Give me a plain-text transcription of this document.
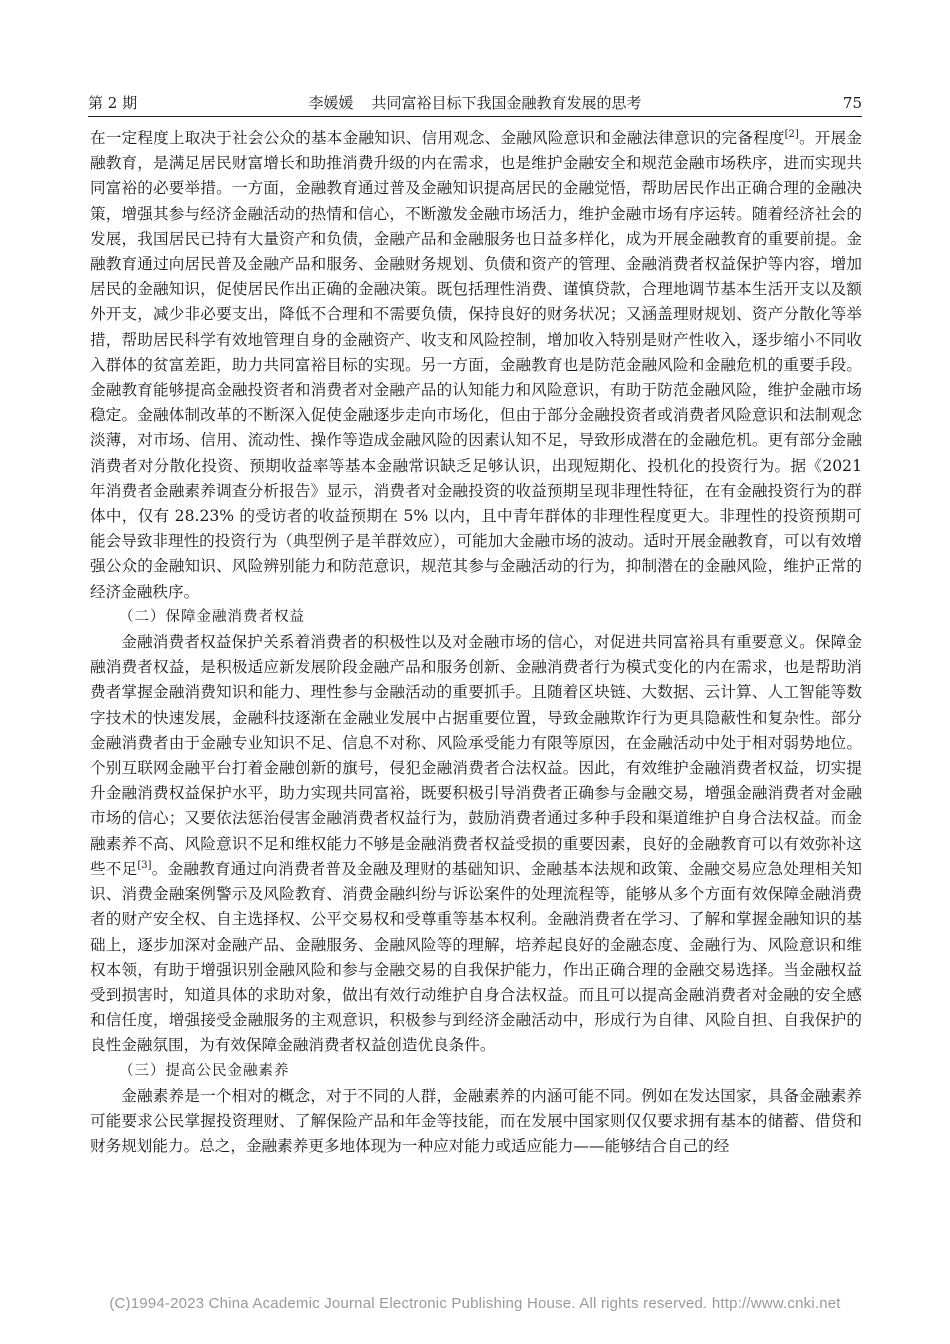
第 2 期	李媛媛 共同富裕目标下我国金融教育发展的思考	75

在一定程度上取决于社会公众的基本金融知识、信用观念、金融风险意识和金融法律意识的完备程度[2]。开展金融教育，是满足居民财富增长和助推消费升级的内在需求，也是维护金融安全和规范金融市场秩序，进而实现共同富裕的必要举措。一方面，金融教育通过普及金融知识提高居民的金融觉悟，帮助居民作出正确合理的金融决策，增强其参与经济金融活动的热情和信心，不断激发金融市场活力，维护金融市场有序运转。随着经济社会的发展，我国居民已持有大量资产和负债，金融产品和金融服务也日益多样化，成为开展金融教育的重要前提。金融教育通过向居民普及金融产品和服务、金融财务规划、负债和资产的管理、金融消费者权益保护等内容，增加居民的金融知识，促使居民作出正确的金融决策。既包括理性消费、谨慎贷款，合理地调节基本生活开支以及额外开支，减少非必要支出，降低不合理和不需要负债，保持良好的财务状况；又涵盖理财规划、资产分散化等举措，帮助居民科学有效地管理自身的金融资产、收支和风险控制，增加收入特别是财产性收入，逐步缩小不同收入群体的贫富差距，助力共同富裕目标的实现。另一方面，金融教育也是防范金融风险和金融危机的重要手段。金融教育能够提高金融投资者和消费者对金融产品的认知能力和风险意识，有助于防范金融风险，维护金融市场稳定。金融体制改革的不断深入促使金融逐步走向市场化，但由于部分金融投资者或消费者风险意识和法制观念淡薄，对市场、信用、流动性、操作等造成金融风险的因素认知不足，导致形成潜在的金融危机。更有部分金融消费者对分散化投资、预期收益率等基本金融常识缺乏足够认识，出现短期化、投机化的投资行为。据《2021 年消费者金融素养调查分析报告》显示，消费者对金融投资的收益预期呈现非理性特征，在有金融投资行为的群体中，仅有 28.23% 的受访者的收益预期在 5% 以内，且中青年群体的非理性程度更大。非理性的投资预期可能会导致非理性的投资行为（典型例子是羊群效应），可能加大金融市场的波动。适时开展金融教育，可以有效增强公众的金融知识、风险辨别能力和防范意识，规范其参与金融活动的行为，抑制潜在的金融风险，维护正常的经济金融秩序。

（二）保障金融消费者权益

金融消费者权益保护关系着消费者的积极性以及对金融市场的信心，对促进共同富裕具有重要意义。保障金融消费者权益，是积极适应新发展阶段金融产品和服务创新、金融消费者行为模式变化的内在需求，也是帮助消费者掌握金融消费知识和能力、理性参与金融活动的重要抓手。且随着区块链、大数据、云计算、人工智能等数字技术的快速发展，金融科技逐渐在金融业发展中占据重要位置，导致金融欺诈行为更具隐蔽性和复杂性。部分金融消费者由于金融专业知识不足、信息不对称、风险承受能力有限等原因，在金融活动中处于相对弱势地位。个别互联网金融平台打着金融创新的旗号，侵犯金融消费者合法权益。因此，有效维护金融消费者权益，切实提升金融消费权益保护水平，助力实现共同富裕，既要积极引导消费者正确参与金融交易，增强金融消费者对金融市场的信心；又要依法惩治侵害金融消费者权益行为，鼓励消费者通过多种手段和渠道维护自身合法权益。而金融素养不高、风险意识不足和维权能力不够是金融消费者权益受损的重要因素，良好的金融教育可以有效弥补这些不足[3]。金融教育通过向消费者普及金融及理财的基础知识、金融基本法规和政策、金融交易应急处理相关知识、消费金融案例警示及风险教育、消费金融纠纷与诉讼案件的处理流程等，能够从多个方面有效保障金融消费者的财产安全权、自主选择权、公平交易权和受尊重等基本权利。金融消费者在学习、了解和掌握金融知识的基础上，逐步加深对金融产品、金融服务、金融风险等的理解，培养起良好的金融态度、金融行为、风险意识和维权本领，有助于增强识别金融风险和参与金融交易的自我保护能力，作出正确合理的金融交易选择。当金融权益受到损害时，知道具体的求助对象，做出有效行动维护自身合法权益。而且可以提高金融消费者对金融的安全感和信任度，增强接受金融服务的主观意识，积极参与到经济金融活动中，形成行为自律、风险自担、自我保护的良性金融氛围，为有效保障金融消费者权益创造优良条件。

（三）提高公民金融素养

金融素养是一个相对的概念，对于不同的人群，金融素养的内涵可能不同。例如在发达国家，具备金融素养可能要求公民掌握投资理财、了解保险产品和年金等技能，而在发展中国家则仅仅要求拥有基本的储蓄、借贷和财务规划能力。总之，金融素养更多地体现为一种应对能力或适应能力——能够结合自己的经

(C)1994-2023 China Academic Journal Electronic Publishing House. All rights reserved. http://www.cnki.net
